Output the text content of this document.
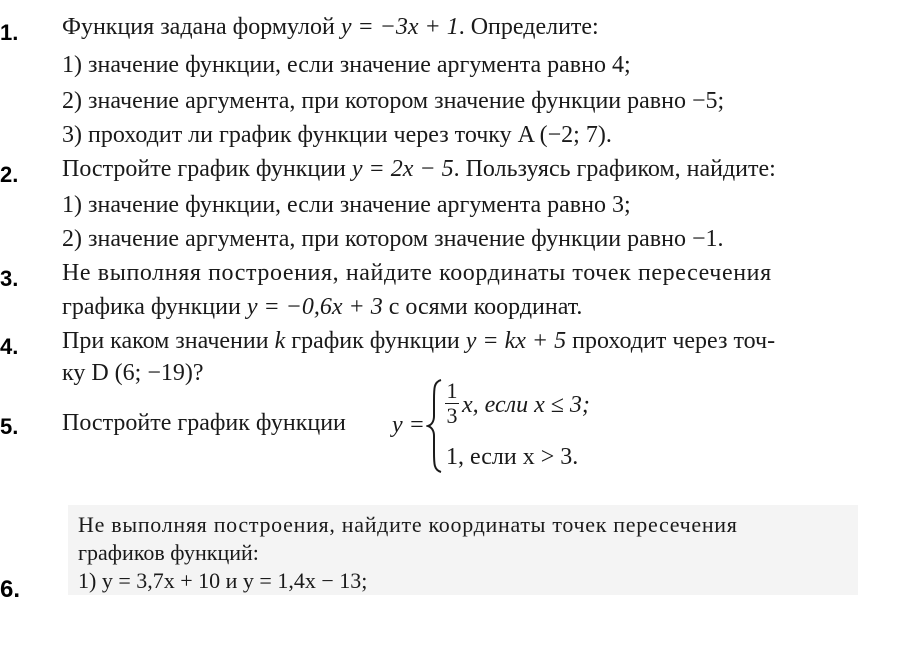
1. Функция задана формулой y = −3x + 1. Определите:
1) значение функции, если значение аргумента равно 4;
2) значение аргумента, при котором значение функции равно −5;
3) проходит ли график функции через точку A (−2; 7).
2. Постройте график функции y = 2x − 5. Пользуясь графиком, найдите:
1) значение функции, если значение аргумента равно 3;
2) значение аргумента, при котором значение функции равно −1.
3. Не выполняя построения, найдите координаты точек пересечения
графика функции y = −0,6x + 3 с осями координат.
4. При каком значении k график функции y = kx + 5 проходит через точ-
ку D (6; −19)?
5. Постройте график функции y =
1
3 x, если x ≤ 3;
1, если x > 3.
6.
Не выполняя построения, найдите координаты точек пересечения
графиков функций:
1) y = 3,7x + 10 и y = 1,4x − 13;
